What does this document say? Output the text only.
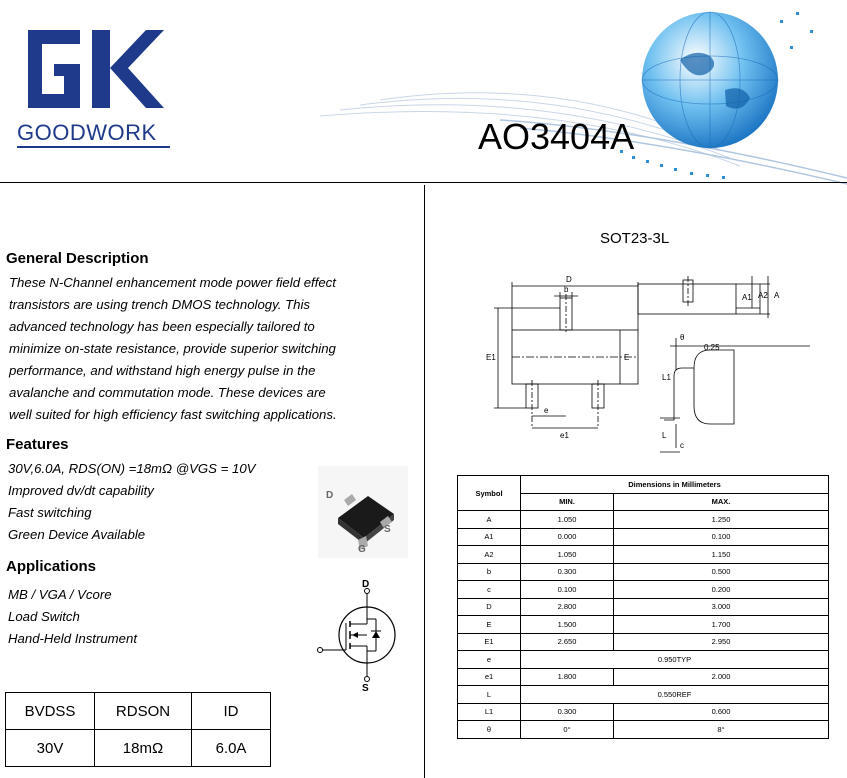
GK
GOODWORK	AO3404A
General Description
These N-Channel enhancement mode power field effect
transistors are using trench DMOS technology. This
advanced technology has been especially tailored to
minimize on-state resistance, provide superior switching
performance, and withstand high energy pulse in the
avalanche and commutation mode. These devices are
well suited for high efficiency fast switching applications.
Features
30V,6.0A, RDS(ON) =18mΩ @VGS = 10V
Improved dv/dt capability
Fast switching
Green Device Available
Applications
MB / VGA / Vcore
Load Switch
Hand-Held Instrument
D
S
G
D
S
BVDSS	RDSON	ID
30V	18mΩ	6.0A
SOT23-3L
D
b
E
E1
e
e1
A
A1 A2
c
L
L1
θ
0.25
Symbol	Dimensions in Millimeters	
	MIN.	MAX.
A	1.050	1.250
A1	0.000	0.100
A2	1.050	1.150
b	0.300	0.500
c	0.100	0.200
D	2.800	3.000
E	1.500	1.700
E1	2.650	2.950
e	0.950TYP	
e1	1.800	2.000
L	0.550REF	
L1	0.300	0.600
θ	0°	8°
